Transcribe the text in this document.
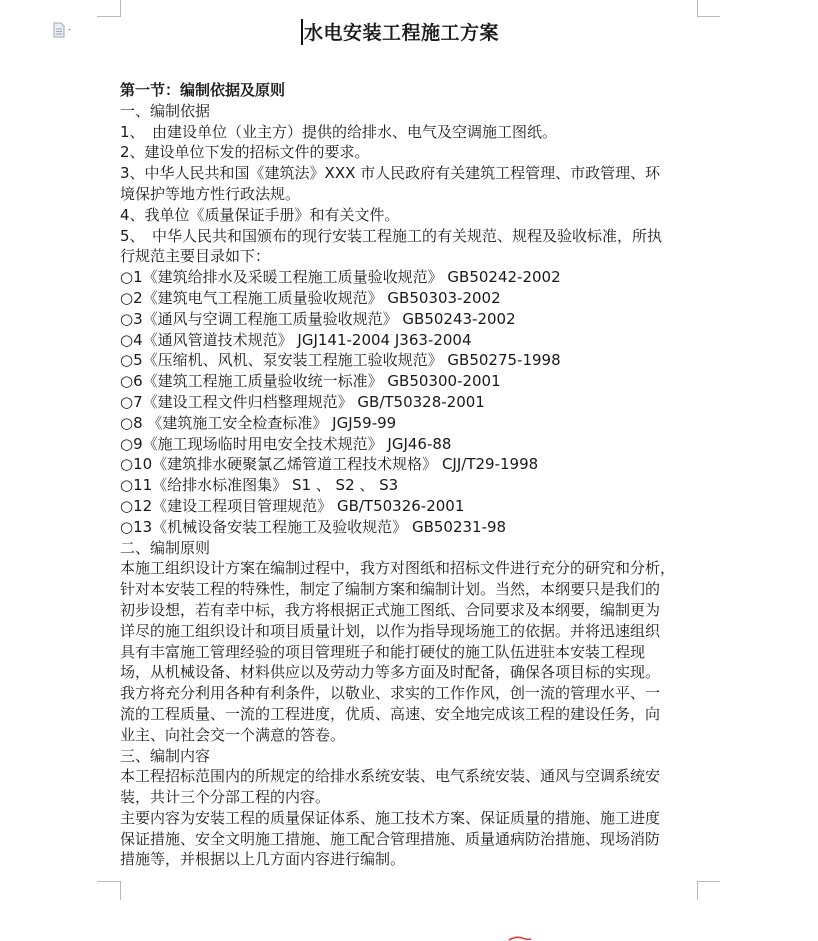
水电安装工程施工方案
第一节：编制依据及原则
一、编制依据
1、　由建设单位（业主方）提供的给排水、电气及空调施工图纸。
2、建设单位下发的招标文件的要求。
3、中华人民共和国《建筑法》XXX 市人民政府有关建筑工程管理、市政管理、环
境保护等地方性行政法规。
4、我单位《质量保证手册》和有关文件。
5、　中华人民共和国颁布的现行安装工程施工的有关规范、规程及验收标准，所执
行规范主要目录如下：
○1《建筑给排水及采暖工程施工质量验收规范》 GB50242-2002
○2《建筑电气工程施工质量验收规范》 GB50303-2002
○3《通风与空调工程施工质量验收规范》 GB50243-2002
○4《通风管道技术规范》 JGJ141-2004 J363-2004
○5《压缩机、风机、泵安装工程施工验收规范》 GB50275-1998
○6《建筑工程施工质量验收统一标准》 GB50300-2001
○7《建设工程文件归档整理规范》 GB/T50328-2001
○8 《建筑施工安全检查标准》 JGJ59-99
○9《施工现场临时用电安全技术规范》 JGJ46-88
○10《建筑排水硬聚氯乙烯管道工程技术规格》 CJJ/T29-1998
○11《给排水标准图集》 S1 、 S2 、 S3
○12《建设工程项目管理规范》 GB/T50326-2001
○13《机械设备安装工程施工及验收规范》 GB50231-98
二、编制原则
本施工组织设计方案在编制过程中，我方对图纸和招标文件进行充分的研究和分析，
针对本安装工程的特殊性，制定了编制方案和编制计划。当然，本纲要只是我们的
初步设想，若有幸中标，我方将根据正式施工图纸、合同要求及本纲要，编制更为
详尽的施工组织设计和项目质量计划，以作为指导现场施工的依据。并将迅速组织
具有丰富施工管理经验的项目管理班子和能打硬仗的施工队伍进驻本安装工程现
场，从机械设备、材料供应以及劳动力等多方面及时配备，确保各项目标的实现。
我方将充分利用各种有利条件，以敬业、求实的工作作风，创一流的管理水平、一
流的工程质量、一流的工程进度，优质、高速、安全地完成该工程的建设任务，向
业主、向社会交一个满意的答卷。
三、编制内容
本工程招标范围内的所规定的给排水系统安装、电气系统安装、通风与空调系统安
装，共计三个分部工程的内容。
主要内容为安装工程的质量保证体系、施工技术方案、保证质量的措施、施工进度
保证措施、安全文明施工措施、施工配合管理措施、质量通病防治措施、现场消防
措施等，并根据以上几方面内容进行编制。
